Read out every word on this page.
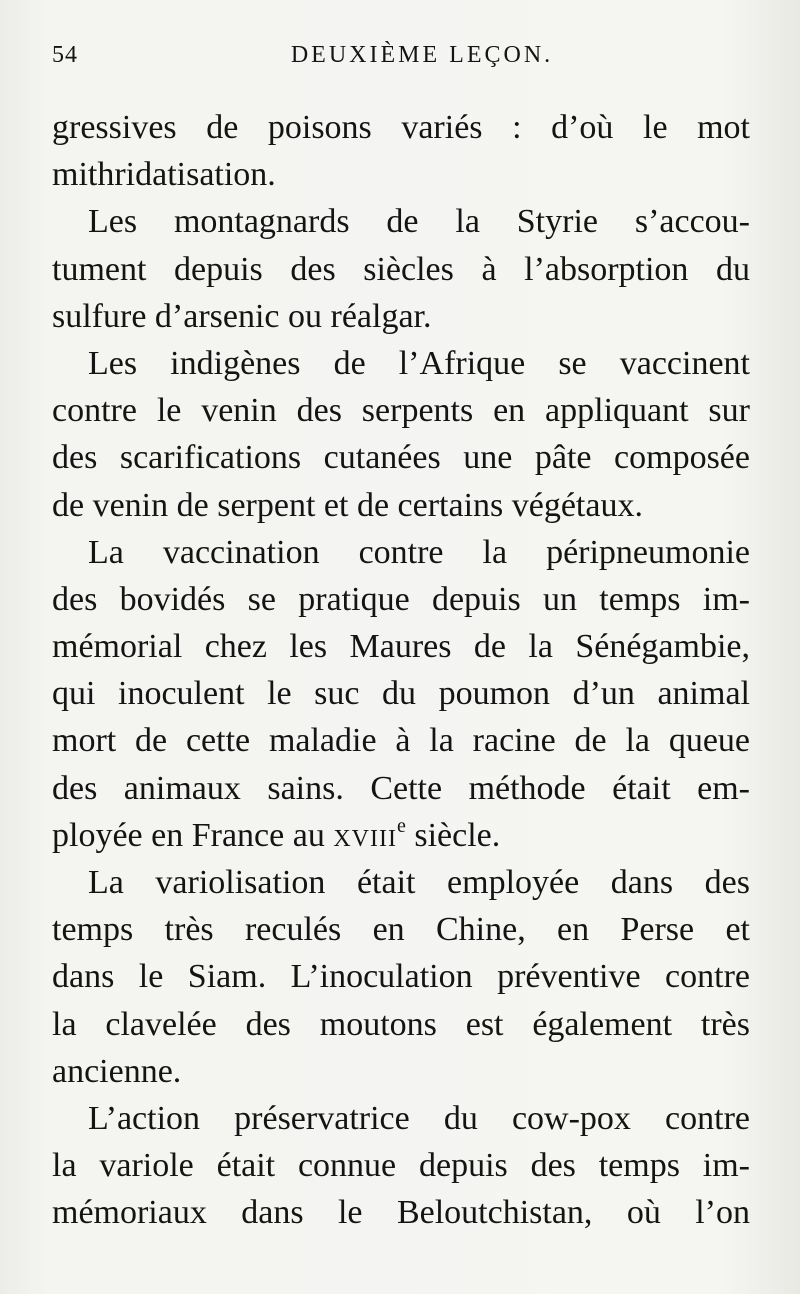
54	DEUXIÈME LEÇON.
gressives de poisons variés : d’où le mot
mithridatisation.
Les montagnards de la Styrie s’accou-
tument depuis des siècles à l’absorption du
sulfure d’arsenic ou réalgar.
Les indigènes de l’Afrique se vaccinent
contre le venin des serpents en appliquant sur
des scarifications cutanées une pâte composée
de venin de serpent et de certains végétaux.
La vaccination contre la péripneumonie
des bovidés se pratique depuis un temps im-
mémorial chez les Maures de la Sénégambie,
qui inoculent le suc du poumon d’un animal
mort de cette maladie à la racine de la queue
des animaux sains. Cette méthode était em-
ployée en France au xviii$^e$ siècle.
La variolisation était employée dans des
temps très reculés en Chine, en Perse et
dans le Siam. L’inoculation préventive contre
la clavelée des moutons est également très
ancienne.
L’action préservatrice du cow-pox contre
la variole était connue depuis des temps im-
mémoriaux dans le Beloutchistan, où l’on
